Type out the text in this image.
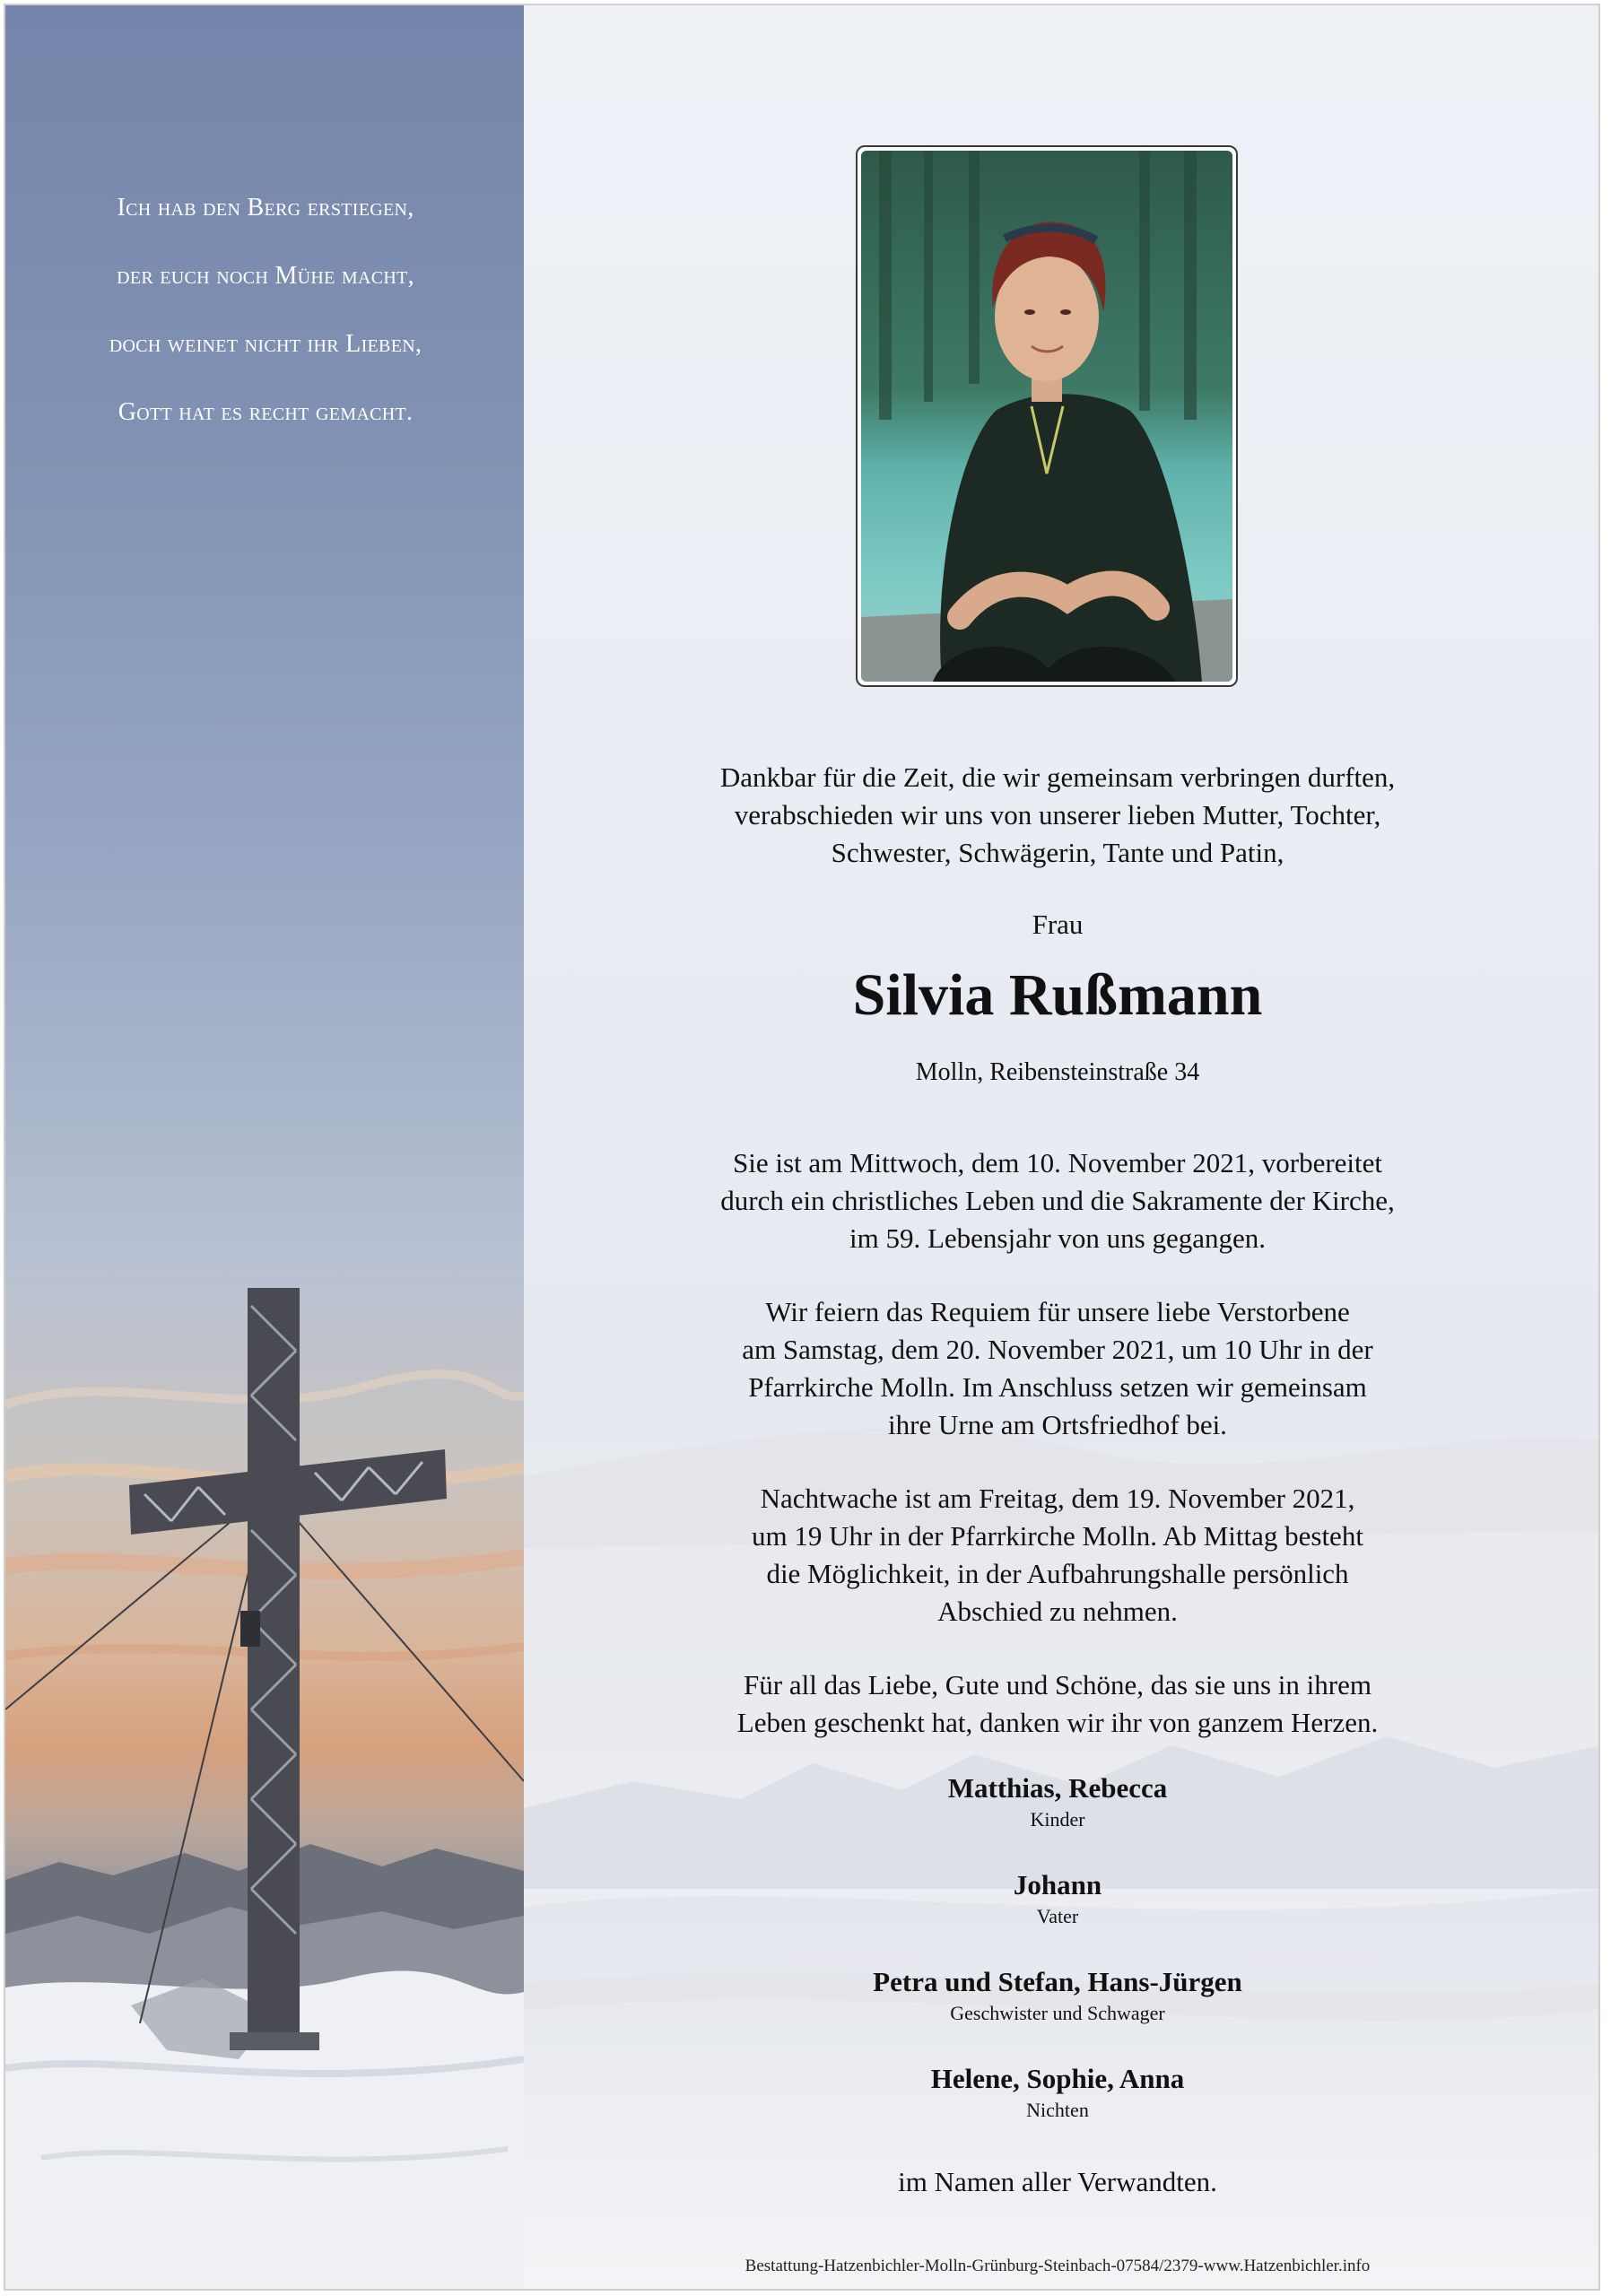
Ich hab den Berg erstiegen,
der euch noch Mühe macht,
doch weinet nicht ihr Lieben,
Gott hat es recht gemacht.
Dankbar für die Zeit, die wir gemeinsam verbringen durften,
verabschieden wir uns von unserer lieben Mutter, Tochter,
Schwester, Schwägerin, Tante und Patin,
Frau
Silvia Rußmann
Molln, Reibensteinstraße 34
Sie ist am Mittwoch, dem 10. November 2021, vorbereitet
durch ein christliches Leben und die Sakramente der Kirche,
im 59. Lebensjahr von uns gegangen.
Wir feiern das Requiem für unsere liebe Verstorbene
am Samstag, dem 20. November 2021, um 10 Uhr in der
Pfarrkirche Molln. Im Anschluss setzen wir gemeinsam
ihre Urne am Ortsfriedhof bei.
Nachtwache ist am Freitag, dem 19. November 2021,
um 19 Uhr in der Pfarrkirche Molln. Ab Mittag besteht
die Möglichkeit, in der Aufbahrungshalle persönlich
Abschied zu nehmen.
Für all das Liebe, Gute und Schöne, das sie uns in ihrem
Leben geschenkt hat, danken wir ihr von ganzem Herzen.
Matthias, Rebecca
Kinder
Johann
Vater
Petra und Stefan, Hans-Jürgen
Geschwister und Schwager
Helene, Sophie, Anna
Nichten
im Namen aller Verwandten.
Bestattung-Hatzenbichler-Molln-Grünburg-Steinbach-07584/2379-www.Hatzenbichler.info
